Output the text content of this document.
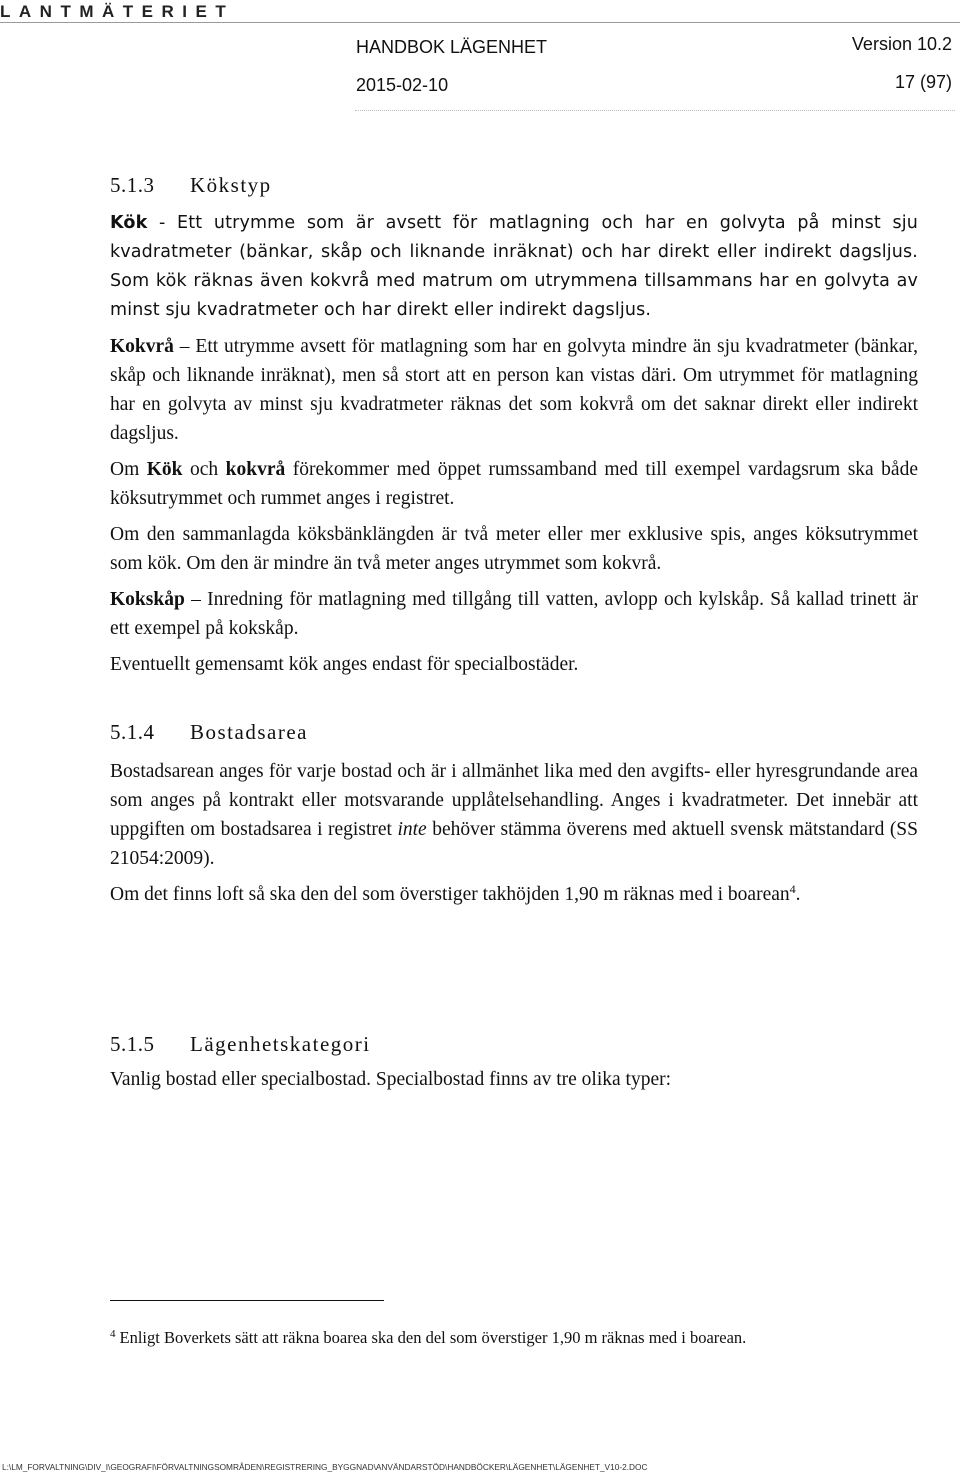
LANTMÄTERIET
HANDBOK LÄGENHET	Version 10.2
2015-02-10	17 (97)
5.1.3 Kökstyp

Kök - Ett utrymme som är avsett för matlagning och har en golvyta på minst sju kvadratmeter (bänkar, skåp och liknande inräknat) och har direkt eller indirekt dagsljus. Som kök räknas även kokvrå med matrum om utrymmena tillsammans har en golvyta av minst sju kvadratmeter och har direkt eller indirekt dagsljus.

Kokvrå – Ett utrymme avsett för matlagning som har en golvyta mindre än sju kvadratmeter (bänkar, skåp och liknande inräknat), men så stort att en person kan vistas däri. Om utrymmet för matlagning har en golvyta av minst sju kvadratmeter räknas det som kokvrå om det saknar direkt eller indirekt dagsljus.

Om Kök och kokvrå förekommer med öppet rumssamband med till exempel vardagsrum ska både köksutrymmet och rummet anges i registret.

Om den sammanlagda köksbänklängden är två meter eller mer exklusive spis, anges köksutrymmet som kök. Om den är mindre än två meter anges utrymmet som kokvrå.

Kokskåp – Inredning för matlagning med tillgång till vatten, avlopp och kylskåp. Så kallad trinett är ett exempel på kokskåp.

Eventuellt gemensamt kök anges endast för specialbostäder.

5.1.4 Bostadsarea

Bostadsarean anges för varje bostad och är i allmänhet lika med den avgifts- eller hyresgrundande area som anges på kontrakt eller motsvarande upplåtelsehandling. Anges i kvadratmeter. Det innebär att uppgiften om bostadsarea i registret inte behöver stämma överens med aktuell svensk mätstandard (SS 21054:2009).

Om det finns loft så ska den del som överstiger takhöjden 1,90 m räknas med i boarean$^4$.

5.1.5 Lägenhetskategori

Vanlig bostad eller specialbostad. Specialbostad finns av tre olika typer:

$^4$ Enligt Boverkets sätt att räkna boarea ska den del som överstiger 1,90 m räknas med i boarean.
L:\LM_FORVALTNING\DIV_I\GEOGRAFI\FÖRVALTNINGSOMRÅDEN\REGISTRERING_BYGGNAD\ANVÄNDARSTÖD\HANDBÖCKER\LÄGENHET\LÄGENHET_V10-2.DOC
